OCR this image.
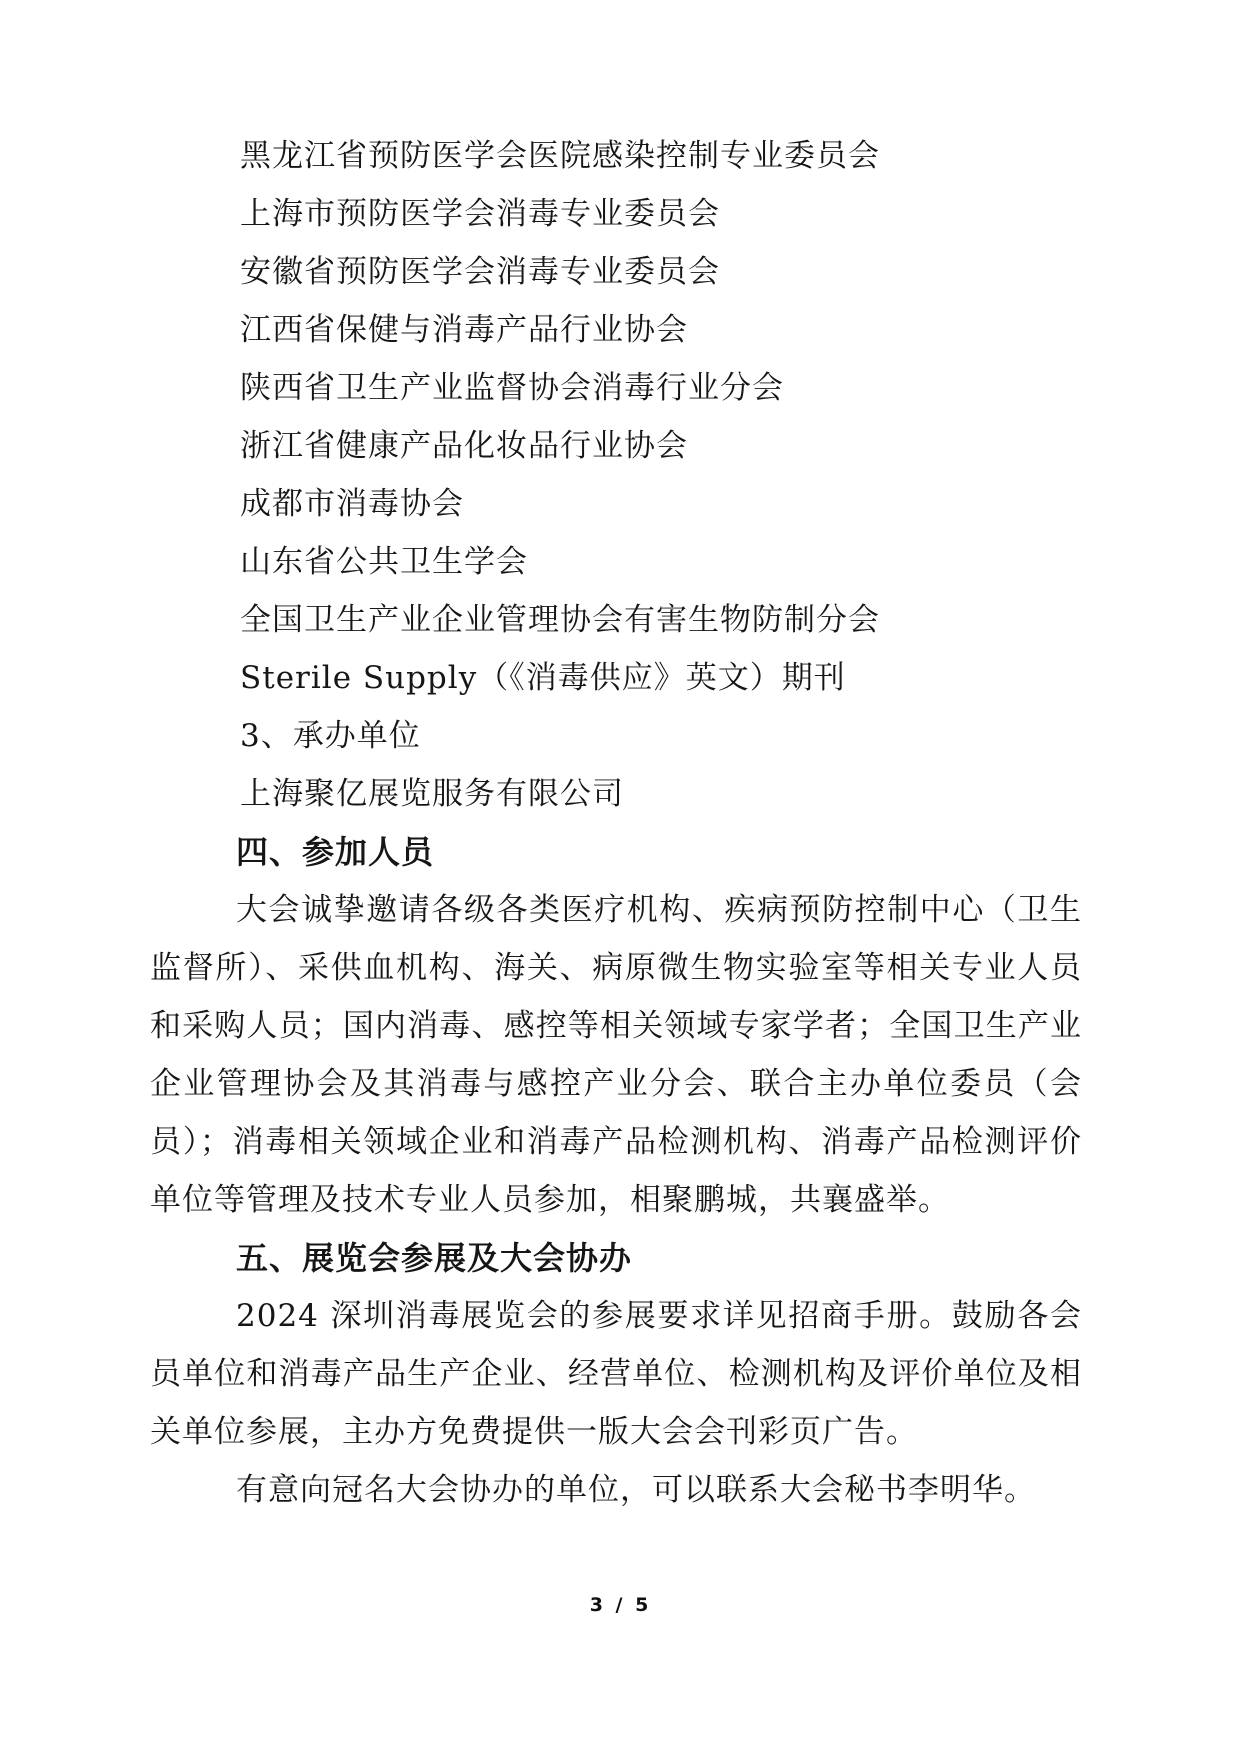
黑龙江省预防医学会医院感染控制专业委员会
上海市预防医学会消毒专业委员会
安徽省预防医学会消毒专业委员会
江西省保健与消毒产品行业协会
陕西省卫生产业监督协会消毒行业分会
浙江省健康产品化妆品行业协会
成都市消毒协会
山东省公共卫生学会
全国卫生产业企业管理协会有害生物防制分会
Sterile Supply（《消毒供应》英文）期刊
3、承办单位
上海聚亿展览服务有限公司
四、参加人员

大会诚挚邀请各级各类医疗机构、疾病预防控制中心（卫生监督所）、采供血机构、海关、病原微生物实验室等相关专业人员和采购人员；国内消毒、感控等相关领域专家学者；全国卫生产业企业管理协会及其消毒与感控产业分会、联合主办单位委员（会员）；消毒相关领域企业和消毒产品检测机构、消毒产品检测评价单位等管理及技术专业人员参加，相聚鹏城，共襄盛举。

五、展览会参展及大会协办

2024 深圳消毒展览会的参展要求详见招商手册。鼓励各会员单位和消毒产品生产企业、经营单位、检测机构及评价单位及相关单位参展，主办方免费提供一版大会会刊彩页广告。

有意向冠名大会协办的单位，可以联系大会秘书李明华。

3 / 5
